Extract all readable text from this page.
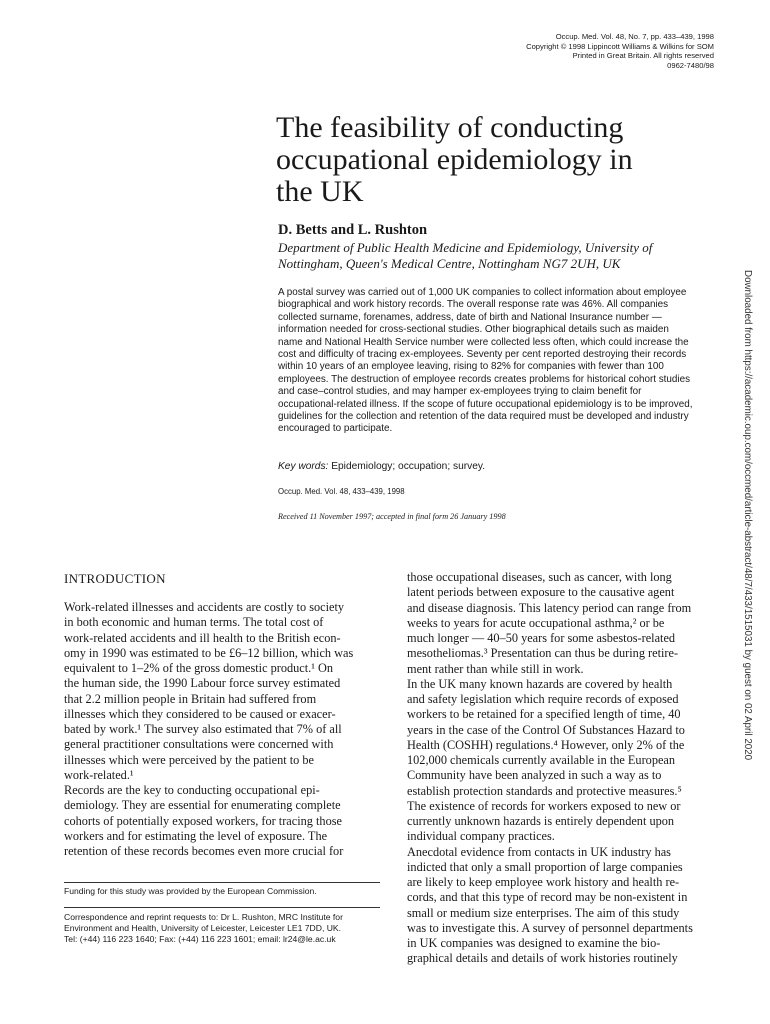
Occup. Med. Vol. 48, No. 7, pp. 433–439, 1998
Copyright © 1998 Lippincott Williams & Wilkins for SOM
Printed in Great Britain. All rights reserved
0962-7480/98
The feasibility of conducting
occupational epidemiology in
the UK
D. Betts and L. Rushton
Department of Public Health Medicine and Epidemiology, University of
Nottingham, Queen's Medical Centre, Nottingham NG7 2UH, UK
A postal survey was carried out of 1,000 UK companies to collect information about employee
biographical and work history records. The overall response rate was 46%. All companies
collected surname, forenames, address, date of birth and National Insurance number —
information needed for cross-sectional studies. Other biographical details such as maiden
name and National Health Service number were collected less often, which could increase the
cost and difficulty of tracing ex-employees. Seventy per cent reported destroying their records
within 10 years of an employee leaving, rising to 82% for companies with fewer than 100
employees. The destruction of employee records creates problems for historical cohort studies
and case–control studies, and may hamper ex-employees trying to claim benefit for
occupational-related illness. If the scope of future occupational epidemiology is to be improved,
guidelines for the collection and retention of the data required must be developed and industry
encouraged to participate.
Key words: Epidemiology; occupation; survey.
Occup. Med. Vol. 48, 433–439, 1998
Received 11 November 1997; accepted in final form 26 January 1998
INTRODUCTION
Work-related illnesses and accidents are costly to society
in both economic and human terms. The total cost of
work-related accidents and ill health to the British econ-
omy in 1990 was estimated to be £6–12 billion, which was
equivalent to 1–2% of the gross domestic product.¹ On
the human side, the 1990 Labour force survey estimated
that 2.2 million people in Britain had suffered from
illnesses which they considered to be caused or exacer-
bated by work.¹ The survey also estimated that 7% of all
general practitioner consultations were concerned with
illnesses which were perceived by the patient to be
work-related.¹
Records are the key to conducting occupational epi-
demiology. They are essential for enumerating complete
cohorts of potentially exposed workers, for tracing those
workers and for estimating the level of exposure. The
retention of these records becomes even more crucial for
those occupational diseases, such as cancer, with long
latent periods between exposure to the causative agent
and disease diagnosis. This latency period can range from
weeks to years for acute occupational asthma,² or be
much longer — 40–50 years for some asbestos-related
mesotheliomas.³ Presentation can thus be during retire-
ment rather than while still in work.
In the UK many known hazards are covered by health
and safety legislation which require records of exposed
workers to be retained for a specified length of time, 40
years in the case of the Control Of Substances Hazard to
Health (COSHH) regulations.⁴ However, only 2% of the
102,000 chemicals currently available in the European
Community have been analyzed in such a way as to
establish protection standards and protective measures.⁵
The existence of records for workers exposed to new or
currently unknown hazards is entirely dependent upon
individual company practices.
Anecdotal evidence from contacts in UK industry has
indicted that only a small proportion of large companies
are likely to keep employee work history and health re-
cords, and that this type of record may be non-existent in
small or medium size enterprises. The aim of this study
was to investigate this. A survey of personnel departments
in UK companies was designed to examine the bio-
graphical details and details of work histories routinely
Funding for this study was provided by the European Commission.
Correspondence and reprint requests to: Dr L. Rushton, MRC Institute for
Environment and Health, University of Leicester, Leicester LE1 7DD, UK.
Tel: (+44) 116 223 1640; Fax: (+44) 116 223 1601; email: lr24@le.ac.uk
Downloaded from https://academic.oup.com/occmed/article-abstract/48/7/433/1515031 by guest on 02 April 2020
